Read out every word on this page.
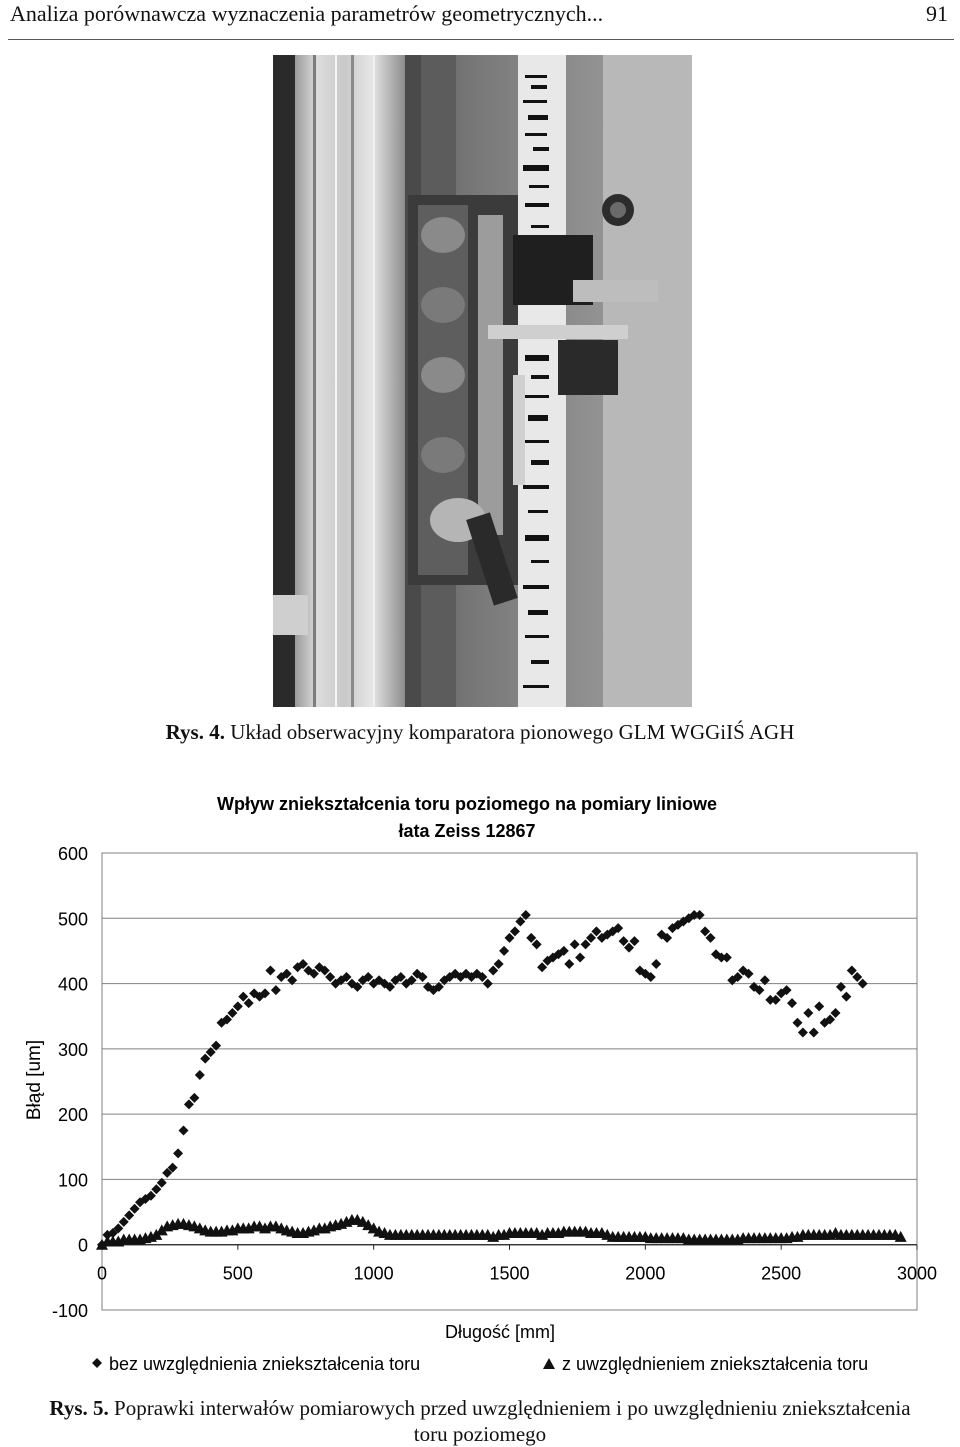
Analiza porównawcza wyznaczenia parametrów geometrycznych...	91
Rys. 4. Układ obserwacyjny komparatora pionowego GLM WGGiIŚ AGH
Wpływ zniekształcenia toru poziomego na pomiary liniowe
łata Zeiss 12867
600
500
400
300
200
100
0
-100
0	500	1000	1500	2000	2500	3000
Błąd [um]
Długość [mm]
bez uwzględnienia zniekształcenia toru	z uwzględnieniem zniekształcenia toru
Rys. 5. Poprawki interwałów pomiarowych przed uwzględnieniem i po uwzględnieniu zniekształcenia
toru poziomego
